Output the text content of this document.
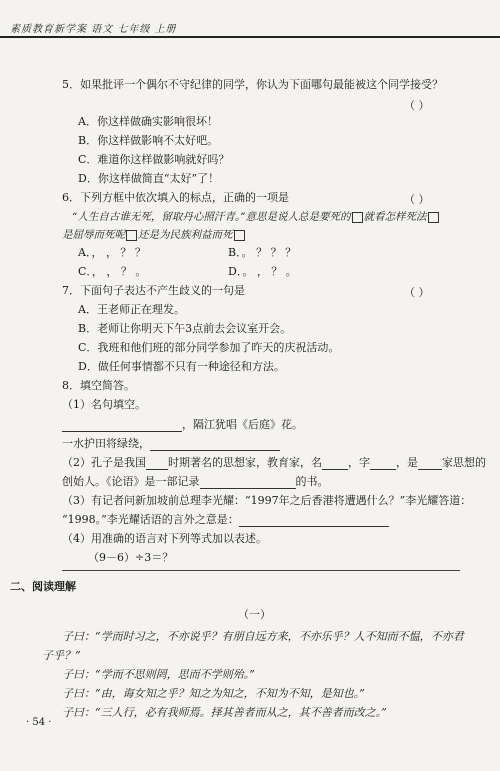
素质教育新学案 语文 七年级 上册
5．如果批评一个偶尔不守纪律的同学，你认为下面哪句最能被这个同学接受？
（ ）
A．你这样做确实影响很坏！
B．你这样做影响不太好吧。
C．难道你这样做影响就好吗？
D．你这样做简直“太好”了！
6．下列方框中依次填入的标点，正确的一项是	（ ）
“人生自古谁无死，留取丹心照汗青。”意思是说人总是要死的 就看怎样死法
是屈辱而死呢 还是为民族利益而死
A．， ， ？ ？	B．。 ？ ？ ？
C．， ， ？ 。	D．。 ， ？ 。
7．下面句子表达不产生歧义的一句是	（ ）
A．王老师正在理发。
B．老师让你明天下午3点前去会议室开会。
C．我班和他们班的部分同学参加了昨天的庆祝活动。
D．做任何事情都不只有一种途径和方法。
8．填空简答。
（1）名句填空。
，隔江犹唱《后庭》花。
一水护田将绿绕，
（2）孔子是我国 时期著名的思想家，教育家，名 ，字 ，是 家思想的
创始人。《论语》是一部记录	的书。
（3）有记者问新加坡前总理李光耀：“1997年之后香港将遭遇什么？”李光耀答道：
“1998。”李光耀话语的言外之意是：
（4）用准确的语言对下列等式加以表述。
（9－6）÷3＝？
二、阅读理解
（一）
子曰：“学而时习之，不亦说乎？有朋自远方来，不亦乐乎？人不知而不愠，不亦君
子乎？”
子曰：“学而不思则罔，思而不学则殆。”
子曰：“由，诲女知之乎？知之为知之，不知为不知，是知也。”
子曰：“三人行，必有我师焉。择其善者而从之，其不善者而改之。”
· 54 ·
